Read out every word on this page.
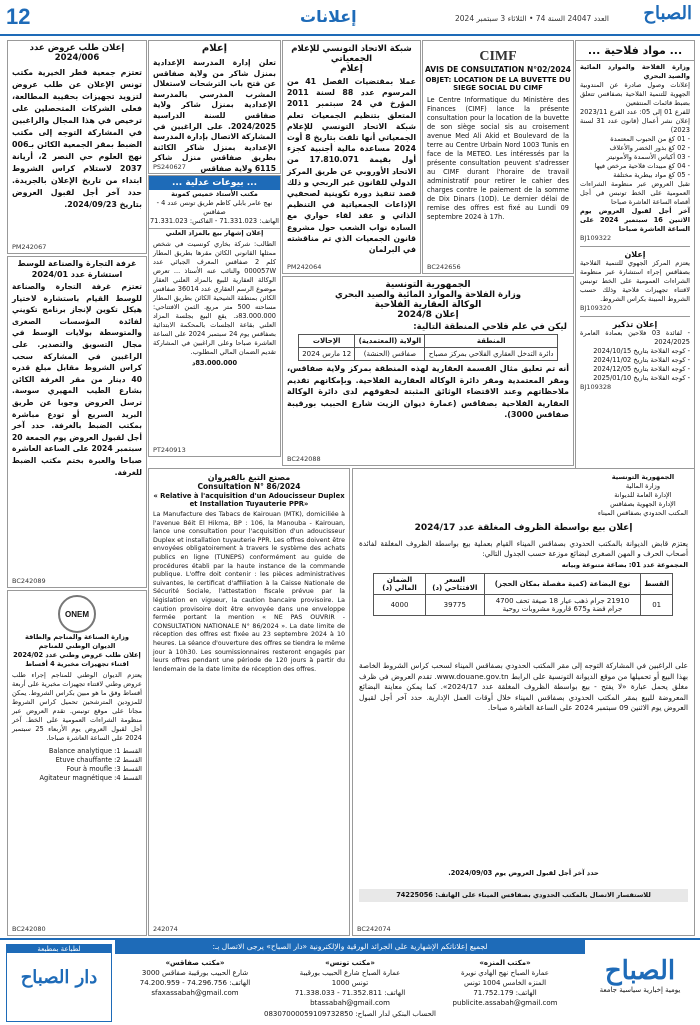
12	إعلانات	العدد 24047 السنة 74 • الثلاثاء 3 سبتمبر 2024 الصباح
... مواد فلاحية ...
وزارة الفلاحة والموارد المائية والصيد البحري
إعلانات وصول صادرة عن المندوبية الجهوية للتنمية الفلاحية بصفاقس تتعلق بضبط قائمات المنتفعين
للفرع 01 إلى 05: عدد الفرع 2023/11 إعلان نشر أعمال (قانون عدد 31 لسنة 2023)
- 01 كغ من الحبوب المعتمدة
- 02 كغ بذور الخضر والأعلاف
- 03 أكياس الأسمدة والأمونيتر
- 04 كغ مبيدات فلاحية مرخص فيها
- 05 كغ مواد بيطرية مختلفة
تقبل العروض عبر منظومة الشراءات العمومية على الخط تونبس في أجل أقصاه الساعة العاشرة صباحا
آخر أجل لقبول العروض يوم الاثنين 16 سبتمبر 2024 على الساعة العاشرة صباحا
BJ109322
إعلان
يعتزم المركز الجهوي للتنمية الفلاحية بصفاقس إجراء استشارة عبر منظومة الشراءات العمومية على الخط تونبس لاقتناء تجهيزات فلاحية وذلك حسب الشروط المبينة بكراس الشروط.
BJ109320
إعلان تذكير
- لفائدة 03 فلاحين بعمادة العامرة 2024/2025
- كوجه الفلاحة بتاريخ 2024/10/15
- كوجه الفلاحة بتاريخ 2024/11/02
- كوجه الفلاحة بتاريخ 2024/12/05
- كوجه الفلاحة بتاريخ 2025/01/10
BJ109328
CIMF
AVIS DE CONSULTATION N°02/2024
OBJET: LOCATION DE LA BUVETTE DU SIEGE SOCIAL DU CIMF
Le Centre Informatique du Ministère des Finances (CIMF) lance la présente consultation pour la location de la buvette de son siège social sis au croisement avenue Med Ali Akid et Boulevard de la terre au Centre Urbain Nord 1003 Tunis en face de la METEO. Les intéressés par la présente consultation peuvent s'adresser au CIMF durant l'horaire de travail administratif pour retirer le cahier des charges contre le paiement de la somme de Dix Dinars (10D). Le dernier délai de remise des offres est fixé au Lundi 09 septembre 2024 à 17h.
BC242656
شبكة الاتحاد التونسي للإعلام الجمعياتي
إعلام
عملا بمقتضيات الفصل 41 من المرسوم عدد 88 لسنة 2011 المؤرخ في 24 سبتمبر 2011 المتعلق بتنظيم الجمعيات تعلم شبكة الاتحاد التونسي للإعلام الجمعياتي أنها تلقت بتاريخ 8 أوت 2024 مساعدة مالية أجنبية كجزء أول بقيمة 17.810.071 من الاتحاد الأوروبي عن طريق المركز الدولي للقانون غير الربحي و ذلك قصد تنفيذ دورة تكوينية لصحفيي الإذاعات الجمعياتية في التنظيم الذاتي و عقد لقاء حواري مع السادة نواب الشعب حول مشروع قانون الجمعيات الذي تم مناقشته في البرلمان
PM242064
إعلام
تعلن إدارة المدرسة الإعدادية بمنزل شاكر من ولاية صفاقس عن فتح باب الترشحات لاستغلال المشرب المدرسي بالمدرسة الإعدادية بمنزل شاكر ولاية صفاقس للسنة الدراسية 2024/2025. على الراغبين في المشاركة الاتصال بإدارة المدرسة الإعدادية بمنزل شاكر الكائنة بطريق صفاقس منزل شاكر 6115 ولاية صفاقس
PS240627
... بيوعات عدلية ...
مكتب الأستاذ خميس كمونة
نهج عامر بابلي كاظم طريق تونس عدد 4 - صفاقس
الهاتف: 71.331.023 - الفاكس: 71.331.023
إعلان إشهار بيع بالمزاد العلني
الطالب: شركة بخاري كونسيت في شخص ممثلها القانوني الكائن مقرها بطريق المطار كلم 2 صفاقس المعرف الجبائي عدد 000057W والنائب عنه الأستاذ ... تعرض الوكالة العقارية للبيع بالمزاد العلني العقار موضوع الرسم العقاري عدد 36014 صفاقس الكائن بمنطقة الشيحية الكائن بطريق المطار مساحته 500 متر مربع. الثمن الافتتاحي: 83.000.000د. يقع البيع بجلسة المزاد العلني بقاعة الجلسات بالمحكمة الابتدائية بصفاقس يوم 24 سبتمبر 2024 على الساعة العاشرة صباحا وعلى الراغبين في المشاركة تقديم الضمان المالي المطلوب.
83.000.000د
PT240913
إعلان طلب عروض عدد 2024/006
تعتزم جمعية قطر الخيرية مكتب تونس الإعلان عن طلب عروض لتزويد تجهيزات بحقيبة المطالعة، فعلى الشركات المتحصلين على ترخيص في هذا المجال والراغبين في المشاركة التوجه إلى مكتب الضبط بمقر الجمعية الكائن بـ006 نهج العلوم حي النصر 2، أريانة 2037 لاستلام كراس الشروط ابتداء من تاريخ الإعلان بالجريدة. حدد آخر أجل لقبول العروض بتاريخ 2024/09/23.
PM242067
غرفة التجارة والصناعة للوسط
استشارة عدد 2024/01
تعتزم غرفة التجارة والصناعة للوسط القيام باستشارة لاختيار هيكل تكوين لإنجاز برنامج تكويني لفائدة المؤسسات الصغرى والمتوسطة بولايات الوسط في مجال التسويق والتصدير. على الراغبين في المشاركة سحب كراس الشروط مقابل مبلغ قدره 40 دينار من مقر الغرفة الكائن بشارع الطيب المهيري سوسة. ترسل العروض وجوبا عن طريق البريد السريع أو تودع مباشرة بمكتب الضبط بالغرفة. حدد آخر أجل لقبول العروض يوم الجمعة 20 سبتمبر 2024 على الساعة العاشرة صباحا والعبرة بختم مكتب الضبط للغرفة.
BC242089
ONEM
وزارة الصناعة والمناجم والطاقة
الديوان الوطني للمناجم
إعلان طلب عروض وطني عدد 2024/02
اقتناء تجهيزات مخبرية 4 أقساط
يعتزم الديوان الوطني للمناجم إجراء طلب عروض وطني لاقتناء تجهيزات مخبرية على أربعة أقساط وفق ما هو مبين بكراس الشروط. يمكن للمزودين المترشحين تحميل كراس الشروط مجانا على موقع تونبس. تقدم العروض عبر منظومة الشراءات العمومية على الخط. آخر أجل لقبول العروض يوم الأربعاء 25 سبتمبر 2024 على الساعة العاشرة صباحا.
القسط 1: Balance analytique
القسط 2: Etuve chauffante
القسط 3: Four à moufle
القسط 4: Agitateur magnétique
BC242080
الجمهورية التونسية
وزارة الفلاحة والموارد المائية والصيد البحري
الوكالة العقارية الفلاحية
إعلان 2024/8
ليكن في علم فلاحي المنطقة التالية:
المنطقة	الولاية (المعتمدية)	الإحالات
دائرة التدخل العقاري الفلاحي بمركز مصباح	صفاقس (الحنشة)	12 مارس 2024
أنه تم تعليق مثال القسمة العقارية لهذه المنطقة بمركز ولاية صفاقس، ومقر المعتمدية ومقر دائرة الوكالة العقارية الفلاحية. وبإمكانهم تقديم ملاحظاتهم وعند الاقتضاء الوثائق المثبتة لحقوقهم لدى دائرة الوكالة العقارية الفلاحية بصفاقس (عمارة ديوان الزيت شارع الحبيب بورقيبة صفاقس 3000).
BC242088
مصنع التبغ بالقيروان
Consultation N° 86/2024
« Relative à l'acquisition d'un Adoucisseur Duplex et Installation Tuyauterie PPR»
La Manufacture des Tabacs de Kairouan (MTK), domiciliée à l'avenue Béit El Hikma, BP : 106, la Manouba - Kairouan, lance une consultation pour l'acquisition d'un adoucisseur Duplex et installation tuyauterie PPR. Les offres doivent être envoyées obligatoirement à travers le système des achats publics en ligne (TUNEPS) conformément au guide de procédures établi par la haute instance de la commande publique. L'offre doit contenir : les pièces administratives suivantes, le certificat d'affiliation à la Caisse Nationale de Sécurité Sociale, l'attestation fiscale prévue par la législation en vigueur, la caution bancaire provisoire. La caution provisoire doit être envoyée dans une enveloppe fermée portant la mention « NE PAS OUVRIR - CONSULTATION NATIONALE N° 86/2024 ». La date limite de réception des offres est fixée au 23 septembre 2024 à 10 heures. La séance d'ouverture des offres se tiendra le même jour à 10h30. Les soumissionnaires resteront engagés par leurs offres pendant une période de 120 jours à partir du lendemain de la date limite de réception des offres.
242074
الجمهورية التونسية
وزارة المالية
الإدارة العامة للديوانة
الإدارة الجهوية بصفاقس
المكتب الحدودي بصفاقس الميناء
إعلان بيع بواسطة الظروف المغلقة عدد 2024/17
يعتزم قابض الديوانة بالمكتب الحدودي بصفاقس الميناء القيام بعملية بيع بواسطة الظروف المغلقة لفائدة أصحاب الحرف و المهن الصغرى لبضائع موزعة حسب الجدول التالي:
المجموعة عدد 01: بضاعة متنوعة وبيانه
القسط	نوع البضاعة (كمية مفصلة بمكان الحجز)	السعر الافتتاحي (د)	الضمان المالي (د)
01	21910 جرام ذهب عيار 18 صيغة تحف 4700 جرام فضة و675 قارورة مشروبات روحية	39775	4000
على الراغبين في المشاركة التوجه إلى مقر المكتب الحدودي بصفاقس الميناء لسحب كراس الشروط الخاصة بهذا البيع أو تحميلها من موقع الديوانة التونسية على الرابط www.douane.gov.tn. تقدم العروض في ظرف مغلق يحمل عبارة «لا يفتح - بيع بواسطة الظروف المغلقة عدد 2024/17». كما يمكن معاينة البضائع المعروضة للبيع بمقر المكتب الحدودي بصفاقس الميناء خلال أوقات العمل الإدارية. حدد آخر أجل لقبول العروض يوم الاثنين 09 سبتمبر 2024 على الساعة العاشرة صباحا.
حدد آخر أجل لقبول العروض يوم 2024/09/03.
للاستفسار الاتصال بالمكتب الحدودي بصفاقس الميناء على الهاتف: 74225056
BC242074
لجميع إعلاناتكم الإشهارية على الجرائد الورقية والإلكترونية «دار الصباح» يرجى الاتصال بـ:
«مكتب المنزه»
عمارة الصباح نهج الهادي نويرة
المنزه الخامس 1004 تونس
الهاتف: 71.752.179
publicite.assabah@gmail.com
«مكتب تونس»
عمارة الصباح شارع الحبيب بورقيبة
تونس 1000
الهاتف: 71.352.811 - 71.338.033
btassabah@gmail.com
«مكتب صفاقس»
شارع الحبيب بورقيبة صفاقس 3000
الهاتف: 74.296.756 - 74.200.959
sfaxassabah@gmail.com
الحساب البنكي لدار الصباح: 08307000059109732850
الصباح
يومية إخبارية سياسية جامعة
لطباعة بمطبعة
دار الصباح
